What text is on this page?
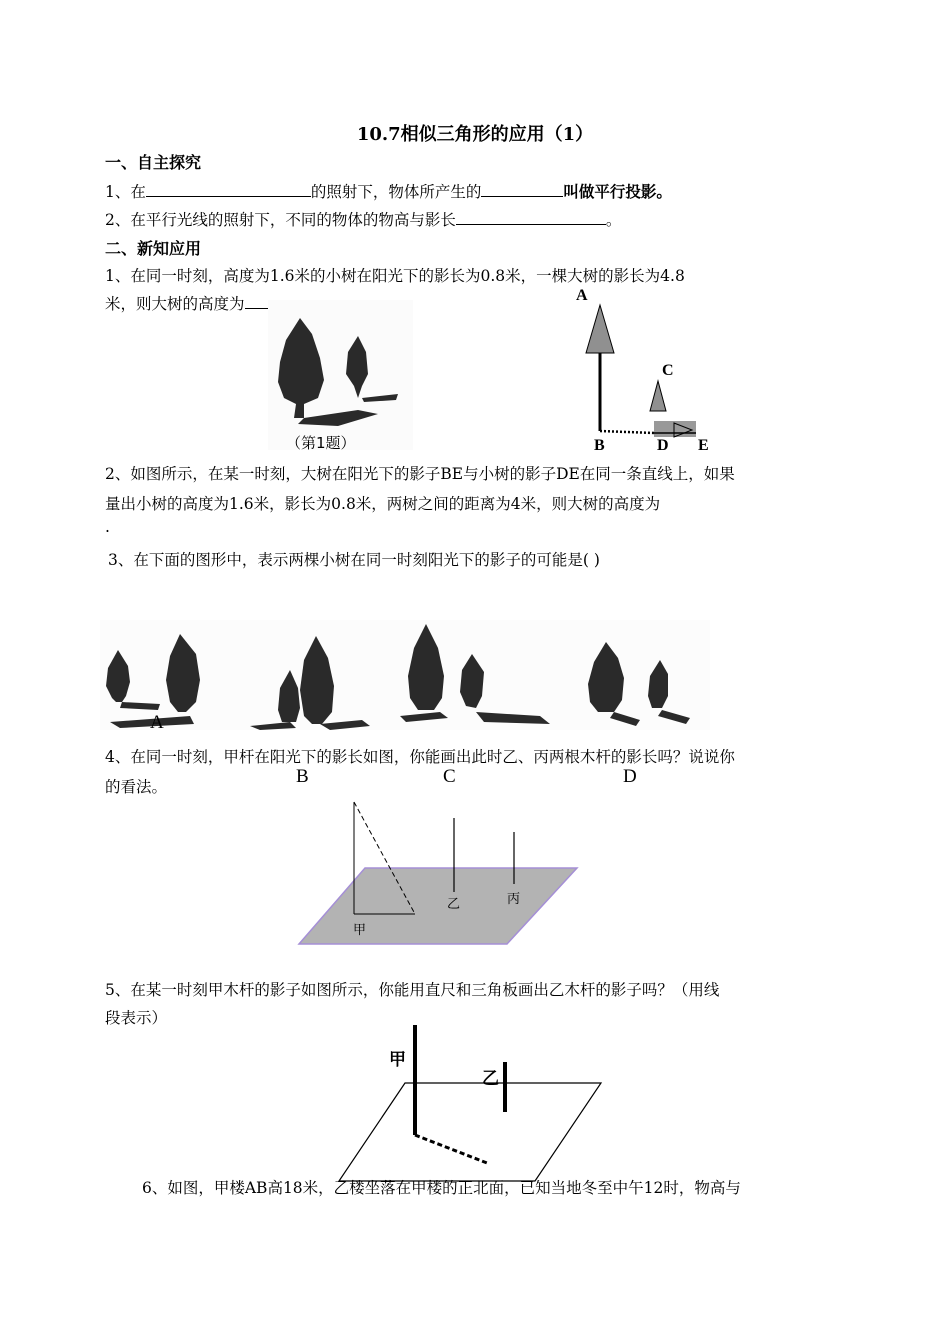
10.7相似三角形的应用（1）
一、自主探究
1、在	的照射下，物体所产生的	叫做平行投影。
2、在平行光线的照射下，不同的物体的物高与影长	。
二、新知应用
1、在同一时刻，高度为1.6米的小树在阳光下的影长为0.8米，一棵大树的影长为4.8
米，则大树的高度为
（第1题）
A
C
B	D E
2、如图所示，在某一时刻，大树在阳光下的影子BE与小树的影子DE在同一条直线上，如果
量出小树的高度为1.6米，影长为0.8米，两树之间的距离为4米，则大树的高度为
.
3、在下面的图形中，表示两棵小树在同一时刻阳光下的影子的可能是( )
A
4、在同一时刻，甲杆在阳光下的影长如图，你能画出此时乙、丙两根木杆的影长吗？说说你
的看法。	B	C	D
甲
乙	丙
5、在某一时刻甲木杆的影子如图所示，你能用直尺和三角板画出乙木杆的影子吗？（用线
段表示）
甲
乙
6、如图，甲楼AB高18米，乙楼坐落在甲楼的正北面，已知当地冬至中午12时，物高与
